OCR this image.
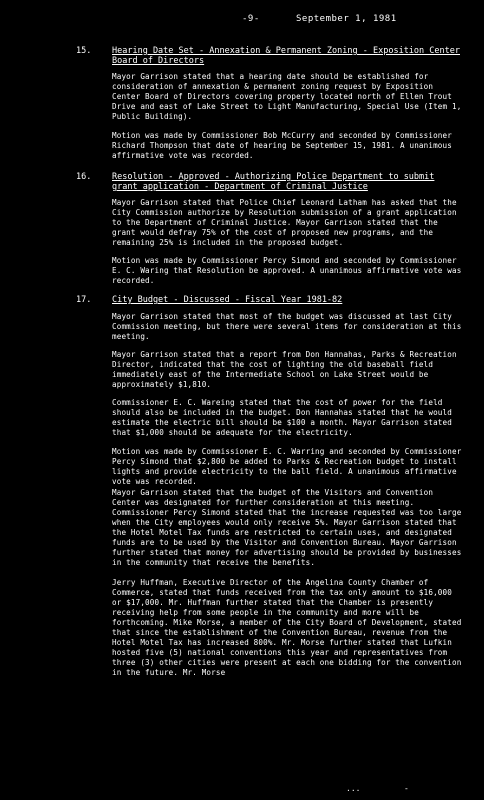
-9-	September 1, 1981
15. Hearing Date Set - Annexation & Permanent Zoning - Exposition Center Board of Directors
Mayor Garrison stated that a hearing date should be established for consideration of annexation & permanent zoning request by Exposition Center Board of Directors covering property located north of Ellen Trout Drive and east of Lake Street to Light Manufacturing, Special Use (Item 1, Public Building).
Motion was made by Commissioner Bob McCurry and seconded by Commissioner Richard Thompson that date of hearing be September 15, 1981. A unanimous affirmative vote was recorded.
16. Resolution - Approved - Authorizing Police Department to submit grant application - Department of Criminal Justice
Mayor Garrison stated that Police Chief Leonard Latham has asked that the City Commission authorize by Resolution submission of a grant application to the Department of Criminal Justice. Mayor Garrison stated that the grant would defray 75% of the cost of proposed new programs, and the remaining 25% is included in the proposed budget.
Motion was made by Commissioner Percy Simond and seconded by Commissioner E. C. Waring that Resolution be approved. A unanimous affirmative vote was recorded.
17. City Budget - Discussed - Fiscal Year 1981-82
Mayor Garrison stated that most of the budget was discussed at last City Commission meeting, but there were several items for consideration at this meeting.
Mayor Garrison stated that a report from Don Hannahas, Parks & Recreation Director, indicated that the cost of lighting the old baseball field immediately east of the Intermediate School on Lake Street would be approximately $1,810.
Commissioner E. C. Wareing stated that the cost of power for the field should also be included in the budget. Don Hannahas stated that he would estimate the electric bill should be $100 a month. Mayor Garrison stated that $1,000 should be adequate for the electricity.
Motion was made by Commissioner E. C. Warring and seconded by Commissioner Percy Simond that $2,800 be added to Parks & Recreation budget to install lights and provide electricity to the ball field. A unanimous affirmative vote was recorded.
Mayor Garrison stated that the budget of the Visitors and Convention Center was designated for further consideration at this meeting. Commissioner Percy Simond stated that the increase requested was too large when the City employees would only receive 5%. Mayor Garrison stated that the Hotel Motel Tax funds are restricted to certain uses, and designated funds are to be used by the Visitor and Convention Bureau. Mayor Garrison further stated that money for advertising should be provided by businesses in the community that receive the benefits.
Jerry Huffman, Executive Director of the Angelina County Chamber of Commerce, stated that funds received from the tax only amount to $16,000 or $17,000. Mr. Huffman further stated that the Chamber is presently receiving help from some people in the community and more will be forthcoming. Mike Morse, a member of the City Board of Development, stated that since the establishment of the Convention Bureau, revenue from the Hotel Motel Tax has increased 800%. Mr. Morse further stated that Lufkin hosted five (5) national conventions this year and representatives from three (3) other cities were present at each one bidding for the convention in the future. Mr. Morse
...	-
